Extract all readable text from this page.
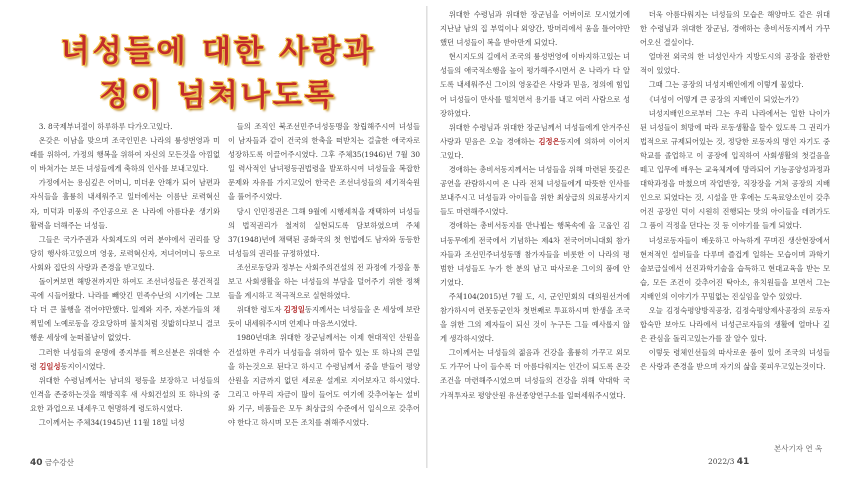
녀성들에 대한 사랑과
정이 넘쳐나도록

3. 8국제부녀절이 하루하루 다가오고있다.

온갖은 이남을 맞으며 조국인민은 나라의 륭성번영과 미래를 위하여, 가정의 행복을 위하여 자신의 모든것을 아낌없이 바쳐가는 보든 녀성들에게 축하의 인사를 보내고있다.

가정에서는 용심깊은 어머니, 미더운 안해가 되어 남편과 자식들을 훌륭히 내세워주고 일터에서는 이름난 로력혁신자, 미덕과 미풍의 주인공으로 온 나라에 아름다운 생기와 활력을 더해주는 녀성들.

그들은 국가주권과 사회제도의 여러 분야에서 권리를 당당히 행사하고있으며 영웅, 로력혁신자, 저녀어머니 등으로 사회와 집단의 사랑과 존경을 받고있다.

돌이켜보면 해방전까지만 하여도 조선녀성들은 봉건적질곡에 시들어왔다. 나라를 빼앗긴 민족수난의 시기에는 그보다 더 큰 불행을 겪어야만했다. 일제와 지주, 자본가들의 채찍밑에 노예로동을 강요당하며 불치처럼 짓밟히다보니 결코 행운 세상에 눈떠볼날이 없었다.

그러한 녀성들의 운명에 종지부를 찍으신분은 위대한 수령 김일성동지이시였다.

위대한 수령님께서는 남녀의 평등을 보장하고 녀성들의 인격을 존중하는것을 해방직후 새 사회건설의 또 하나의 중요한 과업으로 내세우고 현명하게 령도하시였다.

그이께서는 주체34(1945)년 11월 18일 녀성

들의 조직인 북조선민주녀성동맹을 창립해주시여 녀성들이 남자들과 같이 건국의 한축을 떠받치는 걸출한 애국자로 성장하도록 이끌어주시였다. 그후 주체35(1946)년 7월 30일 력사적인 남녀평등권법령을 발포하시여 녀성들을 복잡한 문제와 자유를 가지고있어 한국은 조선녀성들의 세기적숙원을 풀어주시였다.

당시 인민정권은 그해 9월에 시행세칙을 재택하여 녀성들의 법적권리가 철저히 실현되도록 담보하였으며 주체37(1948)년에 채택된 공화국의 첫 헌법에도 남자와 동등한 녀성들의 권리를 규정하였다.

조선로동당과 정부는 사회주의건설의 전 과정에 가정을 통보고 사회생활을 하는 녀성들의 부담을 덜어주기 위한 정책들을 계시하고 적극적으로 실현하였다.

위대한 령도자 김정일동지께서는 녀성들을 온 세상에 보란듯이 내세워주시며 언제나 마음쓰시였다.

1980년대초 위대한 장군님께서는 이제 현대적인 산원을 건설하면 우리가 녀성들을 위하여 할수 있는 또 하나의 큰일을 하는것으로 된다고 하시고 수령님께서 중을 받들어 평양산원을 지금까지 없던 세로운 설계로 지어보자고 하시였다. 그리고 아무리 자금이 많이 들어도 여기에 갖추어놓는 설비와 기구, 비품들은 모두 최상급의 수준에서 일식으로 갖추어야 한다고 하시며 모든 조치를 취해주시였다.

위대한 수령님과 위대한 장군님을 어버이로 모시였기에 지난날 남의 집 부엌이나 외양간, 방머리에서 움을 틀어야만 했던 녀성들이 복을 받아만게 되었다.

현시지도의 길에서 조국의 륭성번영에 이바지하고있는 녀성들의 애국적소행을 높이 평가해주시면서 온 나라가 다 알도록 내세워주신 그이의 영웅같은 사랑과 믿음, 정의에 힘입어 녀성들이 만사를 떨치면서 용기를 내고 여러 사람으로 성장하였다.

위대한 수령님과 위대한 장군님께서 녀성들에게 안겨주신 사랑과 믿음은 오늘 경애하는 김정은동지에 의하여 이어지고있다.

경애하는 총비서동지께서는 녀성들을 위해 마련된 뜻깊은 공연을 관람하시여 온 나라 전체 녀성들에게 따뜻한 인사를 보내주시고 녀성들과 아이들을 위한 최상급의 의료봉사기지들도 마련해주시였다.

경애하는 총비서동지를 만나뵙는 행복속에 올 고웁인 김녀동무에게 전국에서 기념하는 제4차 전국어머니대회 참가자들과 조선민주녀성동맹 참가자들을 비롯한 이 나라의 평범한 녀성들도 누가 한 분의 남고 따사로운 그이의 품에 안기였다.

주체104(2015)년 7월 도, 시, 군인민회의 대의원선거에 참가하시여 련못동군인차 첫번째로 투표하시며 한생을 조국을 위한 그의 제자들이 되신 것이 누구든 그들 예사롭지 않게 생각하시였다.

그이께서는 녀성들의 젊음과 건강을 훌륭히 가꾸고 외모도 가꾸어 나이 들수록 더 아름다워지는 인간이 되도록 온갖 조건을 마련해주시였으며 녀성들의 건강을 위해 약대학 국가적투자로 평양산원 유선종양연구소를 일떠세워주시였다.

더욱 아름다워지는 녀성들의 모습은 해양마도 같은 위대한 수령님과 위대한 장군님, 경애하는 총비서동지께서 가꾸어오신 결실이다.

얼마전 외국의 한 녀성인사가 지방도시의 공장을 참관한적이 있었다.

그때 그는 공장의 녀성지배인에게 이렇게 물었다.

《녀성이 어떻게 큰 공장의 지배인이 되었는가?》

녀성지배인으로부터 그는 우리 나라에서는 일한 나이가 된 녀성들이 희망에 따라 로동생활을 할수 있도록 그 권리가 법적으로 규제되어있는 것, 정당한 로동자의 명인 자기도 중학교를 졸업하고 이 공장에 입직하여 사회생활의 첫걸음을 떼고 입무에 배우는 교육체계에 망라되어 기능공양성과정과 대학과정을 마쳤으며 작업반장, 직장장을 거쳐 공장의 지배인으로 되였다는 것, 시설을 만 후에는 도육료양소인이 갖추어진 공장인 덕이 시원히 진행되는 맛의 아이들을 데려가도 그 품이 걱정을 던다는 것 등 이야기를 들게 되였다.

녀성로동자들이 배웃하고 아늑하게 꾸며진 생산현장에서 현저적인 설비들을 다루며 즐겁게 일하는 모습이며 과학기술보급실에서 선진과학기술을 습득하고 현대교육을 받는 모습, 모든 조건이 갖추어진 탁아소, 유치원들을 보면서 그는 지배인의 이야기가 꾸밈없는 진실임을 알수 있었다.

오늘 김정숙평양방직공장, 김정숙평양제사공장의 로동자합숙만 보아도 나라에서 녀성근로자들의 생활에 얼마나 깊은 관심을 돌리고있는가를 잘 알수 있다.

이렇듯 령체인선들의 따사로운 품이 있어 조국의 녀성들은 사랑과 존경을 받으며 자기의 삶을 꽃피우고있는것이다.

40 금수강산
본사기자 연 옥
2022/3 41
